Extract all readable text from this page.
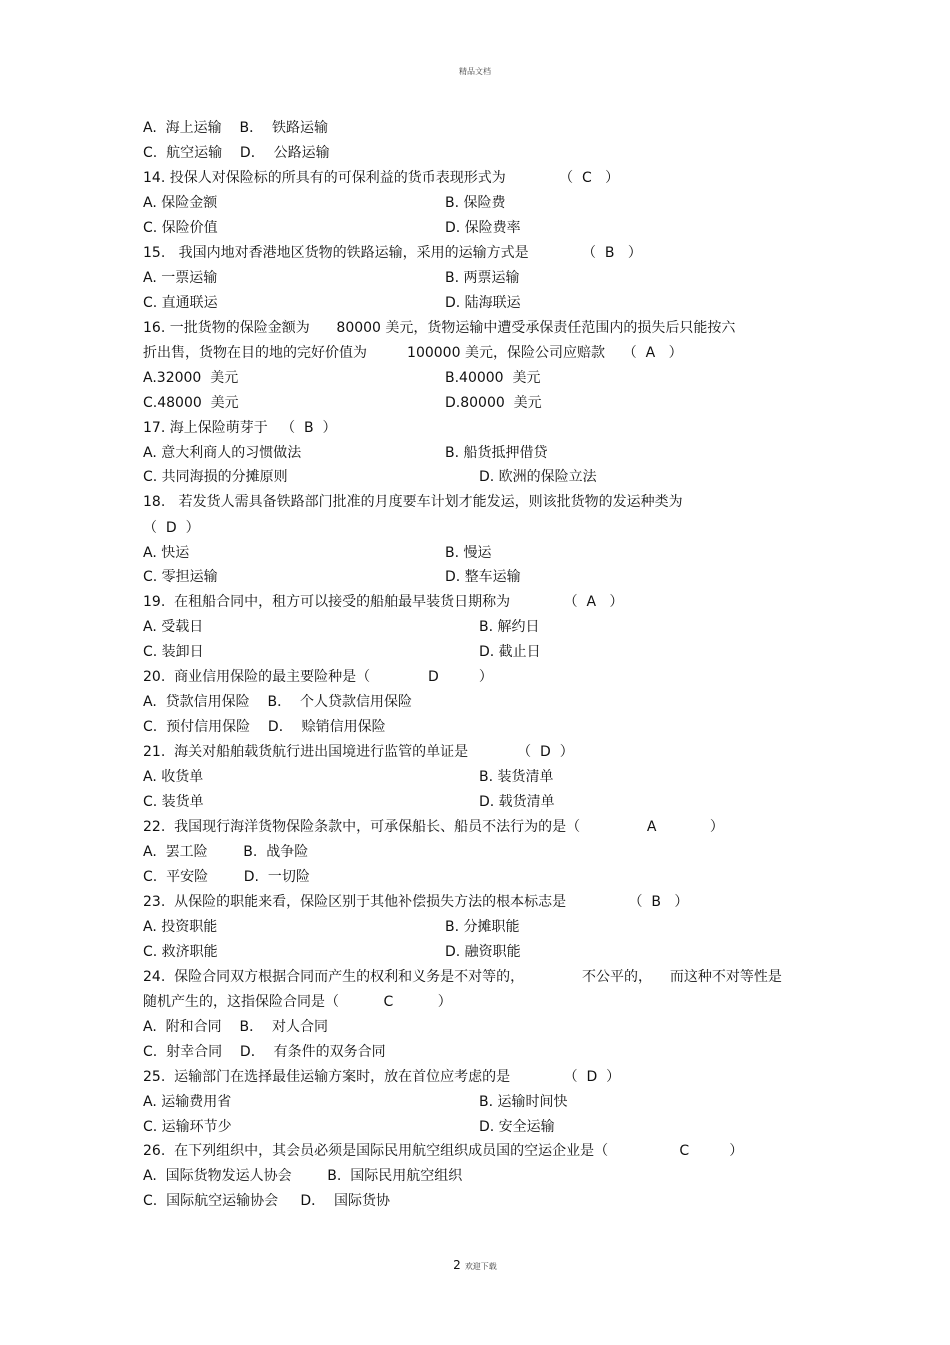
精品文档
A.  海上运输    B．  铁路运输
C.  航空运输    D．  公路运输
14. 投保人对保险标的所具有的可保利益的货币表现形式为            （  C   ）
A. 保险金额	B. 保险费
C. 保险价值	D. 保险费率
15.   我国内地对香港地区货物的铁路运输，采用的运输方式是            （  B   ）
A. 一票运输	B. 两票运输
C. 直通联运	D. 陆海联运
16. 一批货物的保险金额为      80000 美元，货物运输中遭受承保责任范围内的损失后只能按六
折出售，货物在目的地的完好价值为         100000 美元，保险公司应赔款    （  A   ）
A.32000  美元	B.40000  美元
C.48000  美元	D.80000  美元
17. 海上保险萌芽于   （  B  ）
A. 意大利商人的习惯做法	B. 船货抵押借贷
C. 共同海损的分摊原则	D. 欧洲的保险立法
18.   若发货人需具备铁路部门批准的月度要车计划才能发运，则该批货物的发运种类为
（  D  ）
A. 快运	B. 慢运
C. 零担运输	D. 整车运输
19.  在租船合同中，租方可以接受的船舶最早装货日期称为            （  A   ）
A. 受载日	B. 解约日
C. 装卸日	D. 截止日
20.  商业信用保险的最主要险种是（             D         ）
A.  贷款信用保险    B．  个人贷款信用保险
C.  预付信用保险    D．  赊销信用保险
21.  海关对船舶载货航行进出国境进行监管的单证是           （  D  ）
A. 收货单	B. 装货清单
C. 装货单	D. 载货清单
22.  我国现行海洋货物保险条款中，可承保船长、船员不法行为的是（               A            ）
A.  罢工险        B.  战争险
C.  平安险        D.  一切险
23.  从保险的职能来看，保险区别于其他补偿损失方法的根本标志是              （  B   ）
A. 投资职能	B. 分摊职能
C. 救济职能	D. 融资职能
24.  保险合同双方根据合同而产生的权利和义务是不对等的，             不公平的，    而这种不对等性是
随机产生的，这指保险合同是（          C          ）
A.  附和合同    B．  对人合同
C.  射幸合同    D．  有条件的双务合同
25.  运输部门在选择最佳运输方案时，放在首位应考虑的是            （  D  ）
A. 运输费用省	B. 运输时间快
C. 运输环节少	D. 安全运输
26.  在下列组织中，其会员必须是国际民用航空组织成员国的空运企业是（                C         ）
A.  国际货物发运人协会        B.  国际民用航空组织
C.  国际航空运输协会     D．  国际货协
2 欢迎下载
